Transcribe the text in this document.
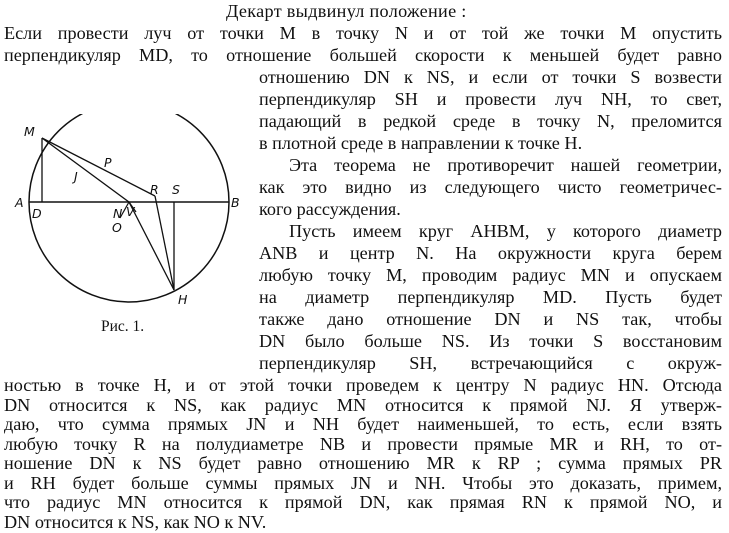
Декарт выдвинул положение :
Если провести луч от точки M в точку N и от той же точки M опустить
перпендикуляр MD, то отношение большей скорости к меньшей будет равно
отношению DN к NS, и если от точки S возвести
перпендикуляр SH и провести луч NH, то свет,
падающий в редкой среде в точку N, преломится
в плотной среде в направлении к точке H.
Эта теорема не противоречит нашей геометрии,
как это видно из следующего чисто геометричес-
кого рассуждения.
Пусть имеем круг AHBM, у которого диаметр
ANB и центр N. На окружности круга берем
любую точку M, проводим радиус MN и опускаем
на диаметр перпендикуляр MD. Пусть будет
также дано отношение DN и NS так, чтобы
DN было больше NS. Из точки S восстановим
перпендикуляр SH, встречающийся с окруж-
ностью в точке H, и от этой точки проведем к центру N радиус HN. Отсюда
DN относится к NS, как радиус MN относится к прямой NJ. Я утверж-
даю, что сумма прямых JN и NH будет наименьшей, то есть, если взять
любую точку R на полудиаметре NB и провести прямые MR и RH, то от-
ношение DN к NS будет равно отношению MR к RP ; сумма прямых PR
и RH будет больше суммы прямых JN и NH. Чтобы это доказать, примем,
что радиус MN относится к прямой DN, как прямая RN к прямой NO, и
M
A
D
J
P
N
O
V
R S
B
H
Рис. 1.
DN относится к NS, как NO к NV.
